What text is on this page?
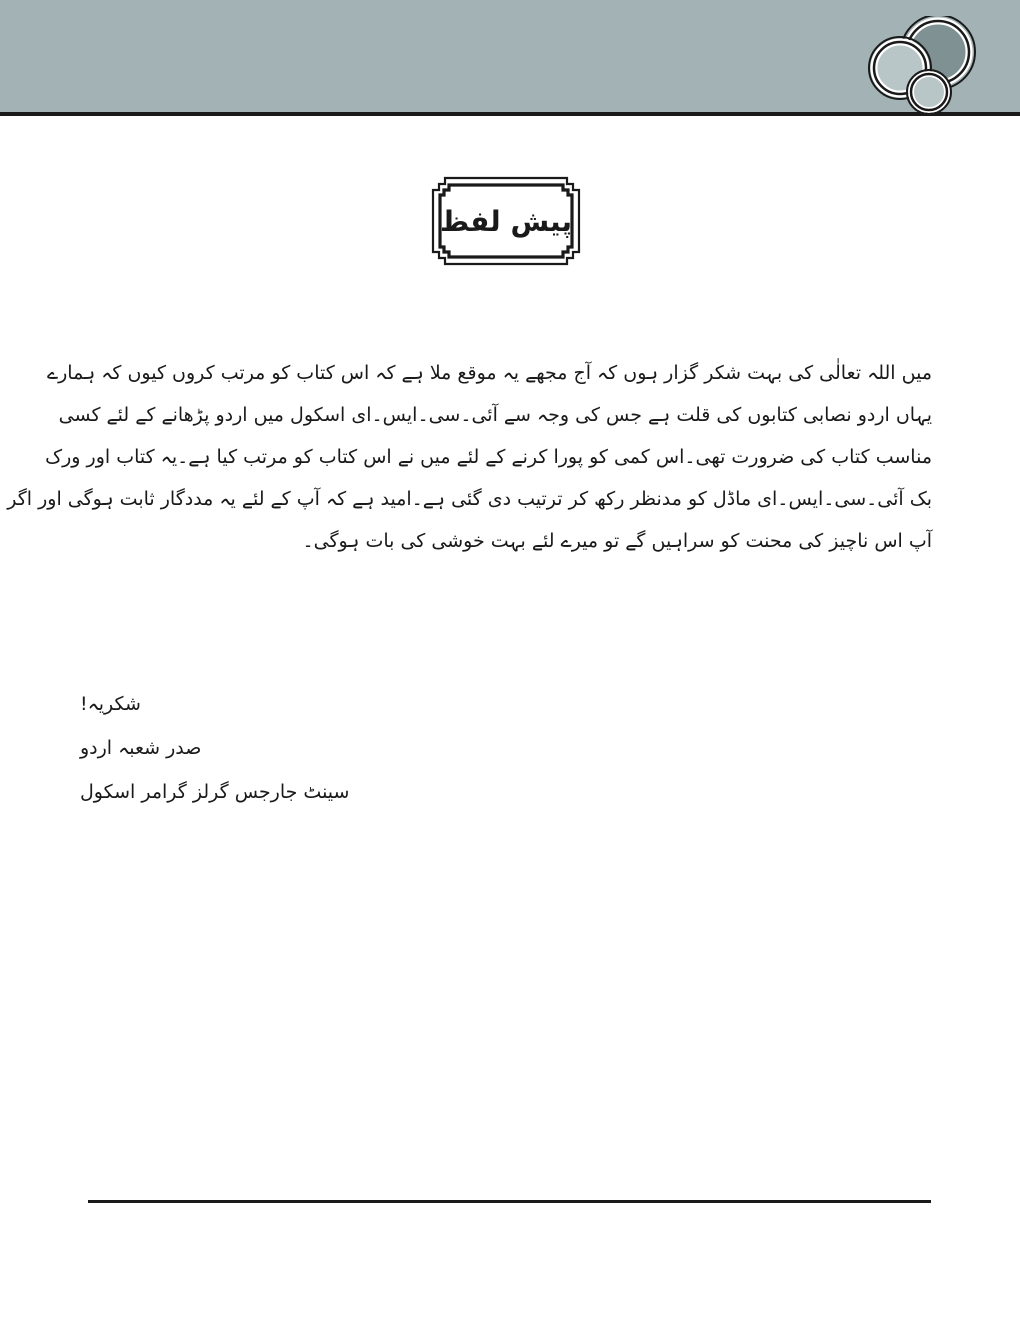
پیش لفظ
میں اللہ تعالٰی کی بہت شکر گزار ہوں کہ آج مجھے یہ موقع ملا ہے کہ اس کتاب کو مرتب کروں کیوں کہ ہمارے
یہاں اردو نصابی کتابوں کی قلت ہے جس کی وجہ سے آئی۔سی۔ایس۔ای اسکول میں اردو پڑھانے کے لئے کسی
مناسب کتاب کی ضرورت تھی۔اس کمی کو پورا کرنے کے لئے میں نے اس کتاب کو مرتب کیا ہے۔یہ کتاب اور ورک
بک آئی۔سی۔ایس۔ای ماڈل کو مدنظر رکھ کر ترتیب دی گئی ہے۔امید ہے کہ آپ کے لئے یہ مددگار ثابت ہوگی اور اگر
آپ اس ناچیز کی محنت کو سراہیں گے تو میرے لئے بہت خوشی کی بات ہوگی۔
شکریہ!
صدر شعبہ اردو
سینٹ جارجس گرلز گرامر اسکول
